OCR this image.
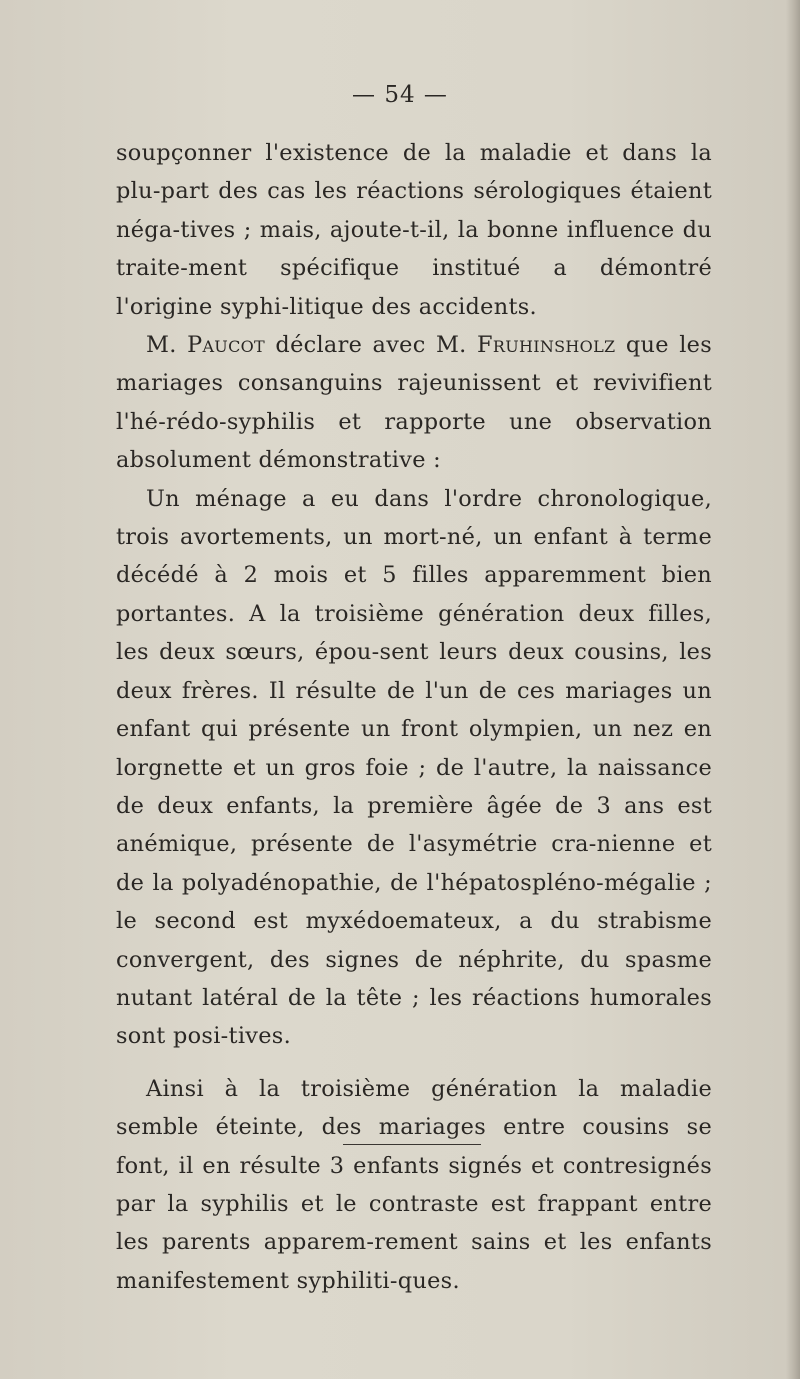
— 54 —

soupçonner l'existence de la maladie et dans la plu-part des cas les réactions sérologiques étaient néga-tives ; mais, ajoute-t-il, la bonne influence du traite-ment spécifique institué a démontré l'origine syphi-litique des accidents.

M. Paucot déclare avec M. Fruhinsholz que les mariages consanguins rajeunissent et revivifient l'hé-rédo-syphilis et rapporte une observation absolument démonstrative :

Un ménage a eu dans l'ordre chronologique, trois avortements, un mort-né, un enfant à terme décédé à 2 mois et 5 filles apparemment bien portantes. A la troisième génération deux filles, les deux sœurs, épou-sent leurs deux cousins, les deux frères. Il résulte de l'un de ces mariages un enfant qui présente un front olympien, un nez en lorgnette et un gros foie ; de l'autre, la naissance de deux enfants, la première âgée de 3 ans est anémique, présente de l'asymétrie cra-nienne et de la polyadénopathie, de l'hépatospléno-mégalie ; le second est myxédoemateux, a du strabisme convergent, des signes de néphrite, du spasme nutant latéral de la tête ; les réactions humorales sont posi-tives.

Ainsi à la troisième génération la maladie semble éteinte, des mariages entre cousins se font, il en résulte 3 enfants signés et contresignés par la syphilis et le contraste est frappant entre les parents apparem-rement sains et les enfants manifestement syphiliti-ques.
